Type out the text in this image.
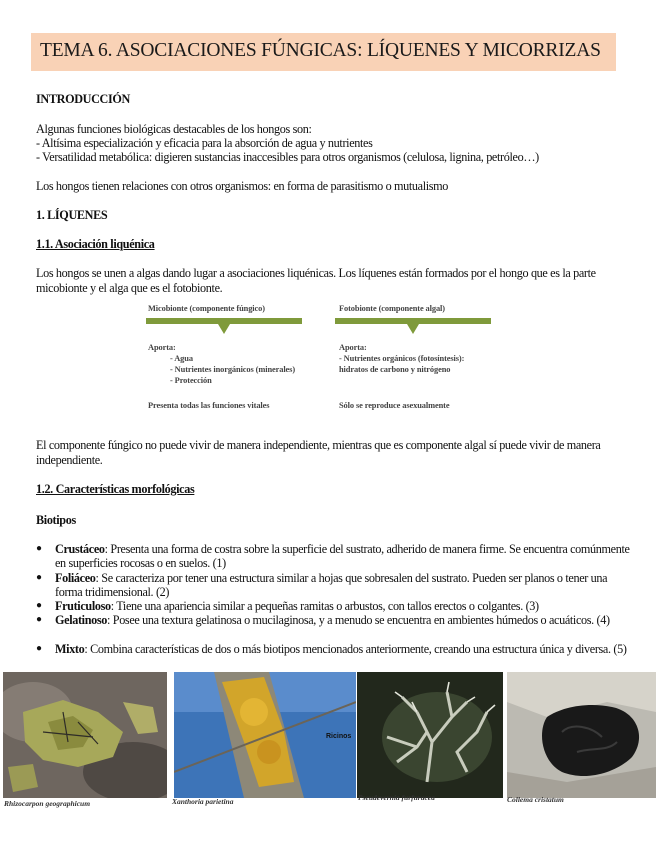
TEMA 6. ASOCIACIONES FÚNGICAS: LÍQUENES Y MICORRIZAS
INTRODUCCIÓN
Algunas funciones biológicas destacables de los hongos son:
- Altísima especialización y eficacia para la absorción de agua y nutrientes
- Versatilidad metabólica: digieren sustancias inaccesibles para otros organismos (celulosa, lignina, petróleo…)
Los hongos tienen relaciones con otros organismos: en forma de parasitismo o mutualismo
1. LÍQUENES
1.1. Asociación liquénica
Los hongos se unen a algas dando lugar a asociaciones liquénicas. Los líquenes están formados por el hongo que es la parte micobionte y el alga que es el fotobionte.
Micobionte (componente fúngico)
Aporta:
- Agua
- Nutrientes inorgánicos (minerales)
- Protección
Presenta todas las funciones vitales
Fotobionte (componente algal)
Aporta:
- Nutrientes orgánicos (fotosíntesis):
hidratos de carbono y nitrógeno
Sólo se reproduce asexualmente
El componente fúngico no puede vivir de manera independiente, mientras que es componente algal sí puede vivir de manera independiente.
1.2. Características morfológicas
Biotipos
● Crustáceo: Presenta una forma de costra sobre la superficie del sustrato, adherido de manera firme. Se encuentra comúnmente en superficies rocosas o en suelos. (1)
● Foliáceo: Se caracteriza por tener una estructura similar a hojas que sobresalen del sustrato. Pueden ser planos o tener una forma tridimensional. (2)
● Fruticuloso: Tiene una apariencia similar a pequeñas ramitas o arbustos, con tallos erectos o colgantes. (3)
● Gelatinoso: Posee una textura gelatinosa o mucilaginosa, y a menudo se encuentra en ambientes húmedos o acuáticos. (4)
● Mixto: Combina características de dos o más biotipos mencionados anteriormente, creando una estructura única y diversa. (5)
Ricinos
Rhizocarpon geographicum	Xanthoria parietina	Pseudevernia furfuracea	Collema cristatum
